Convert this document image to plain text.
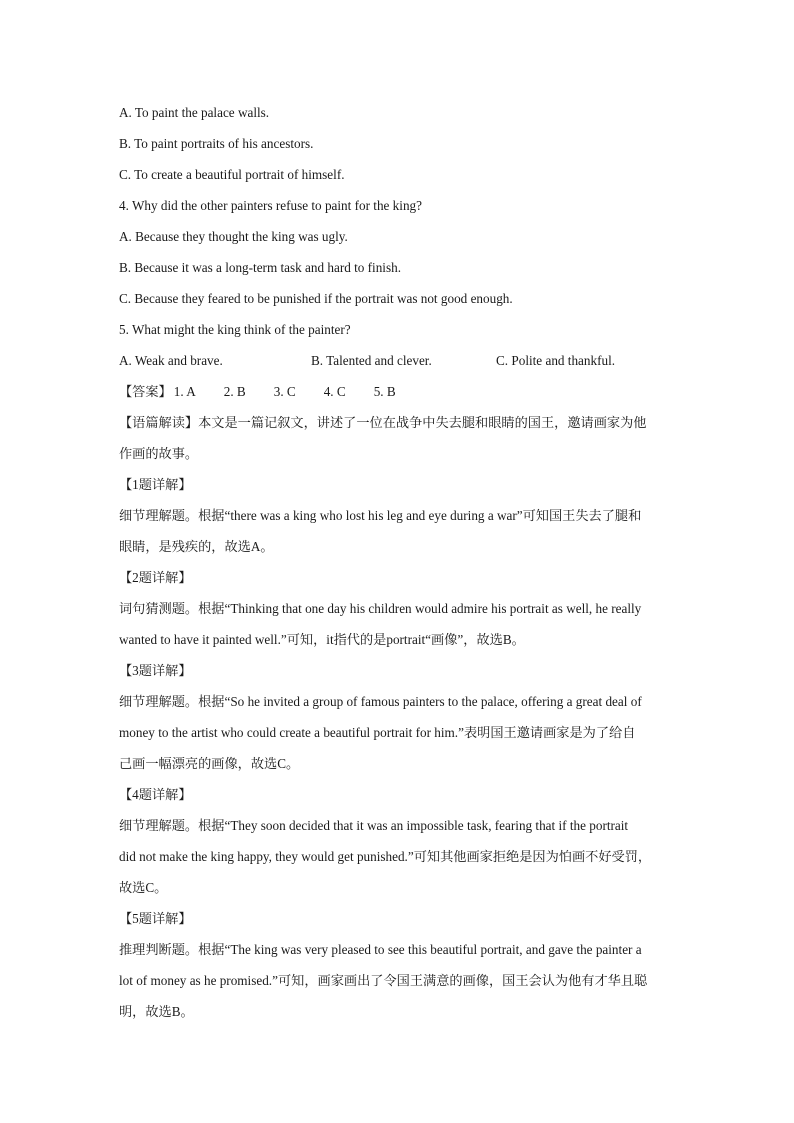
A. To paint the palace walls.
B. To paint portraits of his ancestors.
C. To create a beautiful portrait of himself.
4. Why did the other painters refuse to paint for the king?
A. Because they thought the king was ugly.
B. Because it was a long-term task and hard to finish.
C. Because they feared to be punished if the portrait was not good enough.
5. What might the king think of the painter?
A. Weak and brave.	B. Talented and clever.	C. Polite and thankful.
【答案】 1. A 2. B 3. C 4. C 5. B
【语篇解读】本文是一篇记叙文，讲述了一位在战争中失去腿和眼睛的国王，邀请画家为他
作画的故事。
【1题详解】
细节理解题。根据“there was a king who lost his leg and eye during a war”可知国王失去了腿和
眼睛，是残疾的，故选A。
【2题详解】
词句猜测题。根据“Thinking that one day his children would admire his portrait as well, he really
wanted to have it painted well.”可知，it指代的是portrait“画像”，故选B。
【3题详解】
细节理解题。根据“So he invited a group of famous painters to the palace, offering a great deal of
money to the artist who could create a beautiful portrait for him.”表明国王邀请画家是为了给自
己画一幅漂亮的画像，故选C。
【4题详解】
细节理解题。根据“They soon decided that it was an impossible task, fearing that if the portrait
did not make the king happy, they would get punished.”可知其他画家拒绝是因为怕画不好受罚，
故选C。
【5题详解】
推理判断题。根据“The king was very pleased to see this beautiful portrait, and gave the painter a
lot of money as he promised.”可知，画家画出了令国王满意的画像，国王会认为他有才华且聪
明，故选B。
